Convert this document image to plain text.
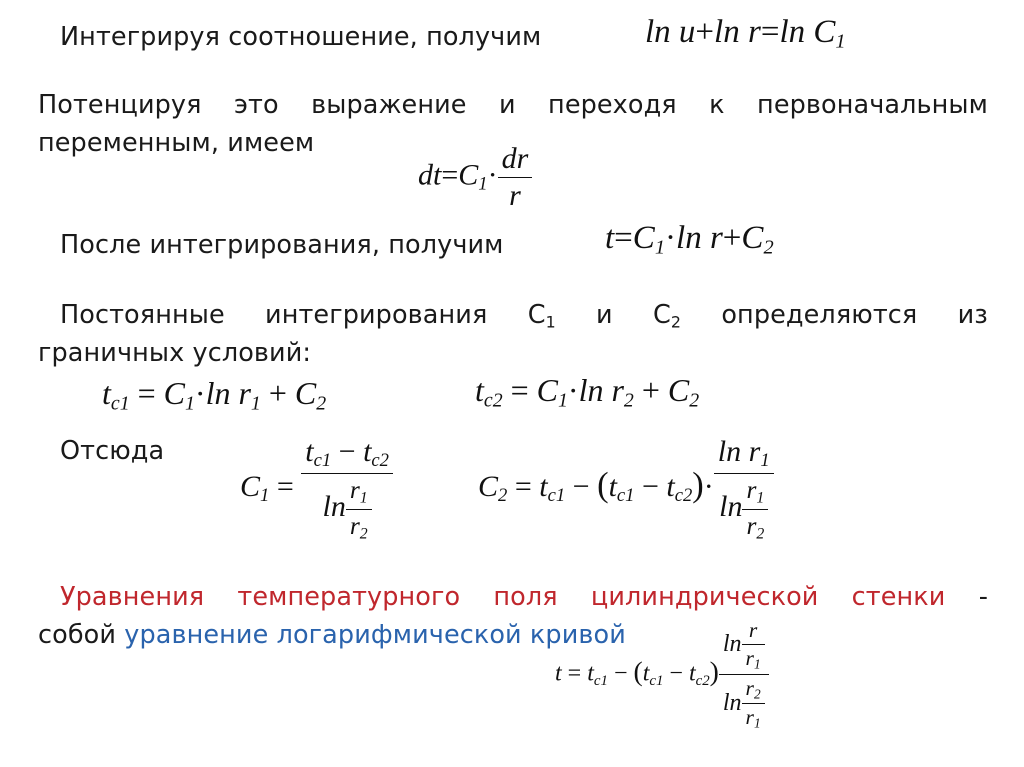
Интегрируя соотношение, получим	ln u+ln r=ln $C_1$
Потенцируя это выражение и переходя к первоначальным
переменным, имеем
$dt=C_1\cdot \frac{dr}{r}$
После интегрирования, получим	$t=C_1\cdot\ln$ $r+C_2$
Постоянные интегрирования $С_1$ и $С_2$ определяются из
граничных условий:
$t_{c1} = C_1\cdot\ln$ $r_1 + C_2$	$t_{c2} = C_1\cdot\ln$ $r_2 + C_2$
Отсюда
$C_1 = \frac{t_{c1} - t_{c2}}{\ln \frac{r_1}{r_2}}$	$C_2 = t_{c1} - (t_{c1} - t_{c2})\cdot \frac{\ln r_1}{\ln \frac{r_1}{r_2}}$
Уравнения температурного поля цилиндрической стенки -
собой уравнение логарифмической кривой
$t = t_{c1} - (t_{c1} - t_{c2}) \frac{\ln \frac{r}{r_1}}{\ln \frac{r_2}{r_1}}$
